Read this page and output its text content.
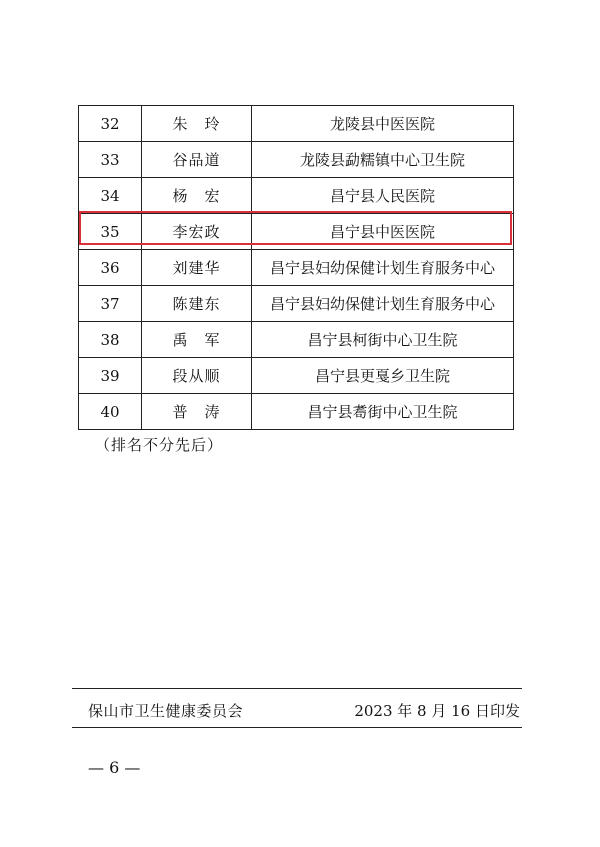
32	朱　玲	龙陵县中医医院
33	谷品道	龙陵县勐糯镇中心卫生院
34	杨　宏	昌宁县人民医院
35	李宏政	昌宁县中医医院
36	刘建华	昌宁县妇幼保健计划生育服务中心
37	陈建东	昌宁县妇幼保健计划生育服务中心
38	禹　军	昌宁县柯街中心卫生院
39	段从顺	昌宁县更戛乡卫生院
40	普　涛	昌宁县耈街中心卫生院
（排名不分先后）
保山市卫生健康委员会	2023 年 8 月 16 日印发
— 6 —
